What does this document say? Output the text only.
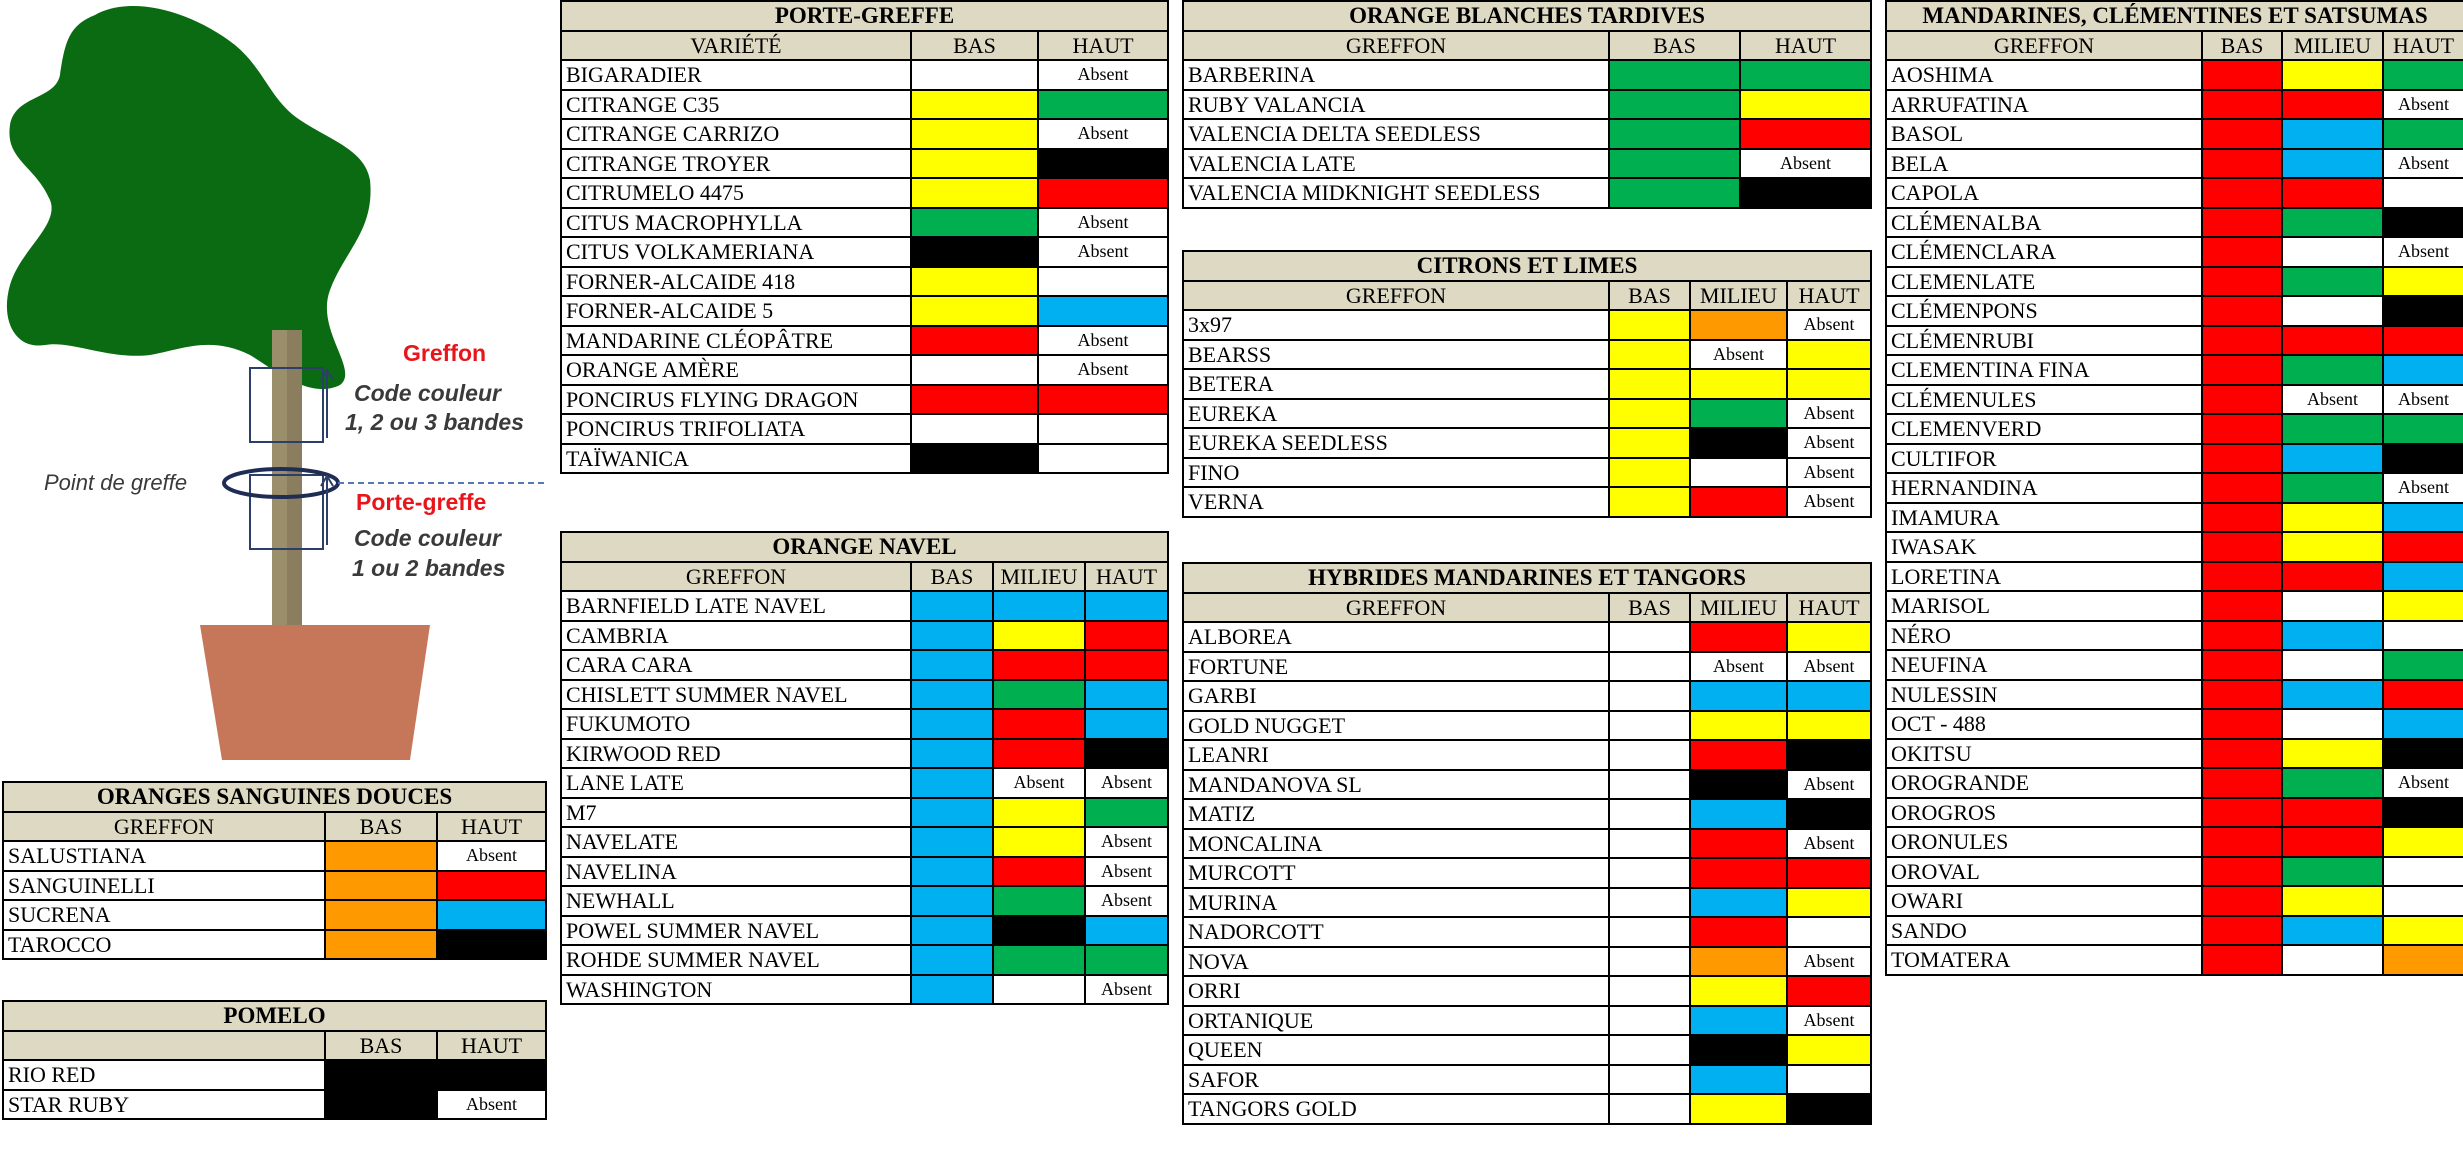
Greffon
Code couleur
1, 2 ou 3 bandes
Point de greffe
Porte-greffe
Code couleur
1 ou 2 bandes
PORTE-GREFFE		
VARIÉTÉ	BAS	HAUT
BIGARADIER		Absent
CITRANGE C35		
CITRANGE CARRIZO		Absent
CITRANGE TROYER		
CITRUMELO 4475		
CITUS MACROPHYLLA		Absent
CITUS VOLKAMERIANA		Absent
FORNER-ALCAIDE 418		
FORNER-ALCAIDE 5		
MANDARINE CLÉOPÂTRE		Absent
ORANGE AMÈRE		Absent
PONCIRUS FLYING DRAGON		
PONCIRUS TRIFOLIATA		
TAÏWANICA		
ORANGE NAVEL			
GREFFON	BAS	MILIEU	HAUT
BARNFIELD LATE NAVEL			
CAMBRIA			
CARA CARA			
CHISLETT SUMMER NAVEL			
FUKUMOTO			
KIRWOOD RED			
LANE LATE		Absent	Absent
M7			
NAVELATE			Absent
NAVELINA			Absent
NEWHALL			Absent
POWEL SUMMER NAVEL			
ROHDE SUMMER NAVEL			
WASHINGTON			Absent
ORANGES SANGUINES DOUCES		
GREFFON	BAS	HAUT
SALUSTIANA		Absent
SANGUINELLI		
SUCRENA		
TAROCCO		
POMELO		
	BAS	HAUT
RIO RED		
STAR RUBY		Absent
ORANGE BLANCHES TARDIVES		
GREFFON	BAS	HAUT
BARBERINA		
RUBY VALANCIA		
VALENCIA DELTA SEEDLESS		
VALENCIA LATE		Absent
VALENCIA MIDKNIGHT SEEDLESS		
CITRONS ET LIMES			
GREFFON	BAS	MILIEU	HAUT
3x97			Absent
BEARSS		Absent	
BETERA			
EUREKA			Absent
EUREKA SEEDLESS			Absent
FINO			Absent
VERNA			Absent
HYBRIDES MANDARINES ET TANGORS			
GREFFON	BAS	MILIEU	HAUT
ALBOREA			
FORTUNE		Absent	Absent
GARBI			
GOLD NUGGET			
LEANRI			
MANDANOVA SL			Absent
MATIZ			
MONCALINA			Absent
MURCOTT			
MURINA			
NADORCOTT			
NOVA			Absent
ORRI			
ORTANIQUE			Absent
QUEEN			
SAFOR			
TANGORS GOLD			
MANDARINES, CLÉMENTINES ET SATSUMAS			
GREFFON	BAS	MILIEU	HAUT
AOSHIMA			
ARRUFATINA			Absent
BASOL			
BELA			Absent
CAPOLA			
CLÉMENALBA			
CLÉMENCLARA			Absent
CLEMENLATE			
CLÉMENPONS			
CLÉMENRUBI			
CLEMENTINA FINA			
CLÉMENULES		Absent	Absent
CLEMENVERD			
CULTIFOR			
HERNANDINA			Absent
IMAMURA			
IWASAK			
LORETINA			
MARISOL			
NÉRO			
NEUFINA			
NULESSIN			
OCT - 488			
OKITSU			
OROGRANDE			Absent
OROGROS			
ORONULES			
OROVAL			
OWARI			
SANDO			
TOMATERA			
